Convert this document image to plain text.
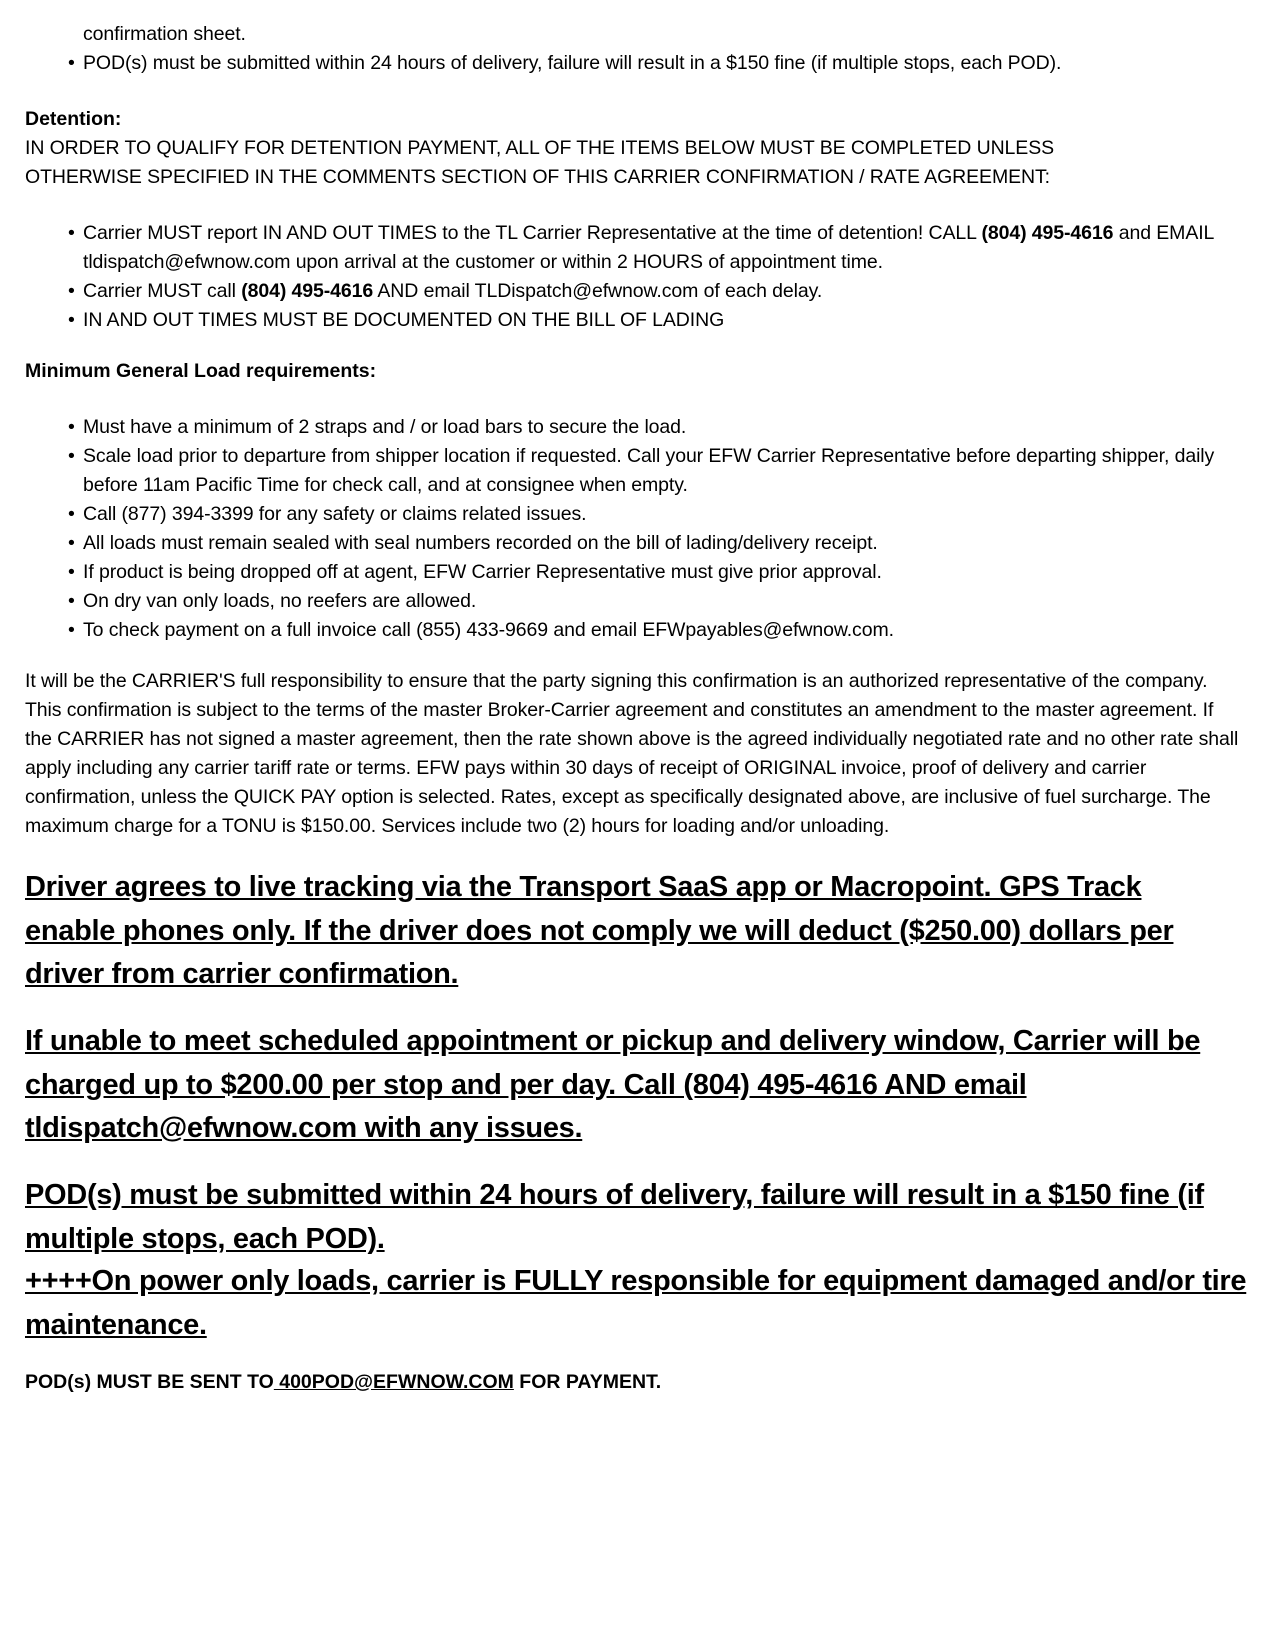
confirmation sheet.
• POD(s) must be submitted within 24 hours of delivery, failure will result in a $150 fine (if multiple stops, each POD).
Detention:
IN ORDER TO QUALIFY FOR DETENTION PAYMENT, ALL OF THE ITEMS BELOW MUST BE COMPLETED UNLESS OTHERWISE SPECIFIED IN THE COMMENTS SECTION OF THIS CARRIER CONFIRMATION / RATE AGREEMENT:
• Carrier MUST report IN AND OUT TIMES to the TL Carrier Representative at the time of detention! CALL (804) 495-4616 and EMAIL tldispatch@efwnow.com upon arrival at the customer or within 2 HOURS of appointment time.
• Carrier MUST call (804) 495-4616 AND email TLDispatch@efwnow.com of each delay.
• IN AND OUT TIMES MUST BE DOCUMENTED ON THE BILL OF LADING
Minimum General Load requirements:
• Must have a minimum of 2 straps and / or load bars to secure the load.
• Scale load prior to departure from shipper location if requested. Call your EFW Carrier Representative before departing shipper, daily before 11am Pacific Time for check call, and at consignee when empty.
• Call (877) 394-3399 for any safety or claims related issues.
• All loads must remain sealed with seal numbers recorded on the bill of lading/delivery receipt.
• If product is being dropped off at agent, EFW Carrier Representative must give prior approval.
• On dry van only loads, no reefers are allowed.
• To check payment on a full invoice call (855) 433-9669 and email EFWpayables@efwnow.com.
It will be the CARRIER'S full responsibility to ensure that the party signing this confirmation is an authorized representative of the company. This confirmation is subject to the terms of the master Broker-Carrier agreement and constitutes an amendment to the master agreement. If the CARRIER has not signed a master agreement, then the rate shown above is the agreed individually negotiated rate and no other rate shall apply including any carrier tariff rate or terms. EFW pays within 30 days of receipt of ORIGINAL invoice, proof of delivery and carrier confirmation, unless the QUICK PAY option is selected. Rates, except as specifically designated above, are inclusive of fuel surcharge. The maximum charge for a TONU is $150.00. Services include two (2) hours for loading and/or unloading.
Driver agrees to live tracking via the Transport SaaS app or Macropoint. GPS Track enable phones only. If the driver does not comply we will deduct ($250.00) dollars per driver from carrier confirmation.
If unable to meet scheduled appointment or pickup and delivery window, Carrier will be charged up to $200.00 per stop and per day. Call (804) 495-4616 AND email tldispatch@efwnow.com with any issues.
POD(s) must be submitted within 24 hours of delivery, failure will result in a $150 fine (if multiple stops, each POD).
++++On power only loads, carrier is FULLY responsible for equipment damaged and/or tire maintenance.
POD(s) MUST BE SENT TO 400POD@EFWNOW.COM FOR PAYMENT.
